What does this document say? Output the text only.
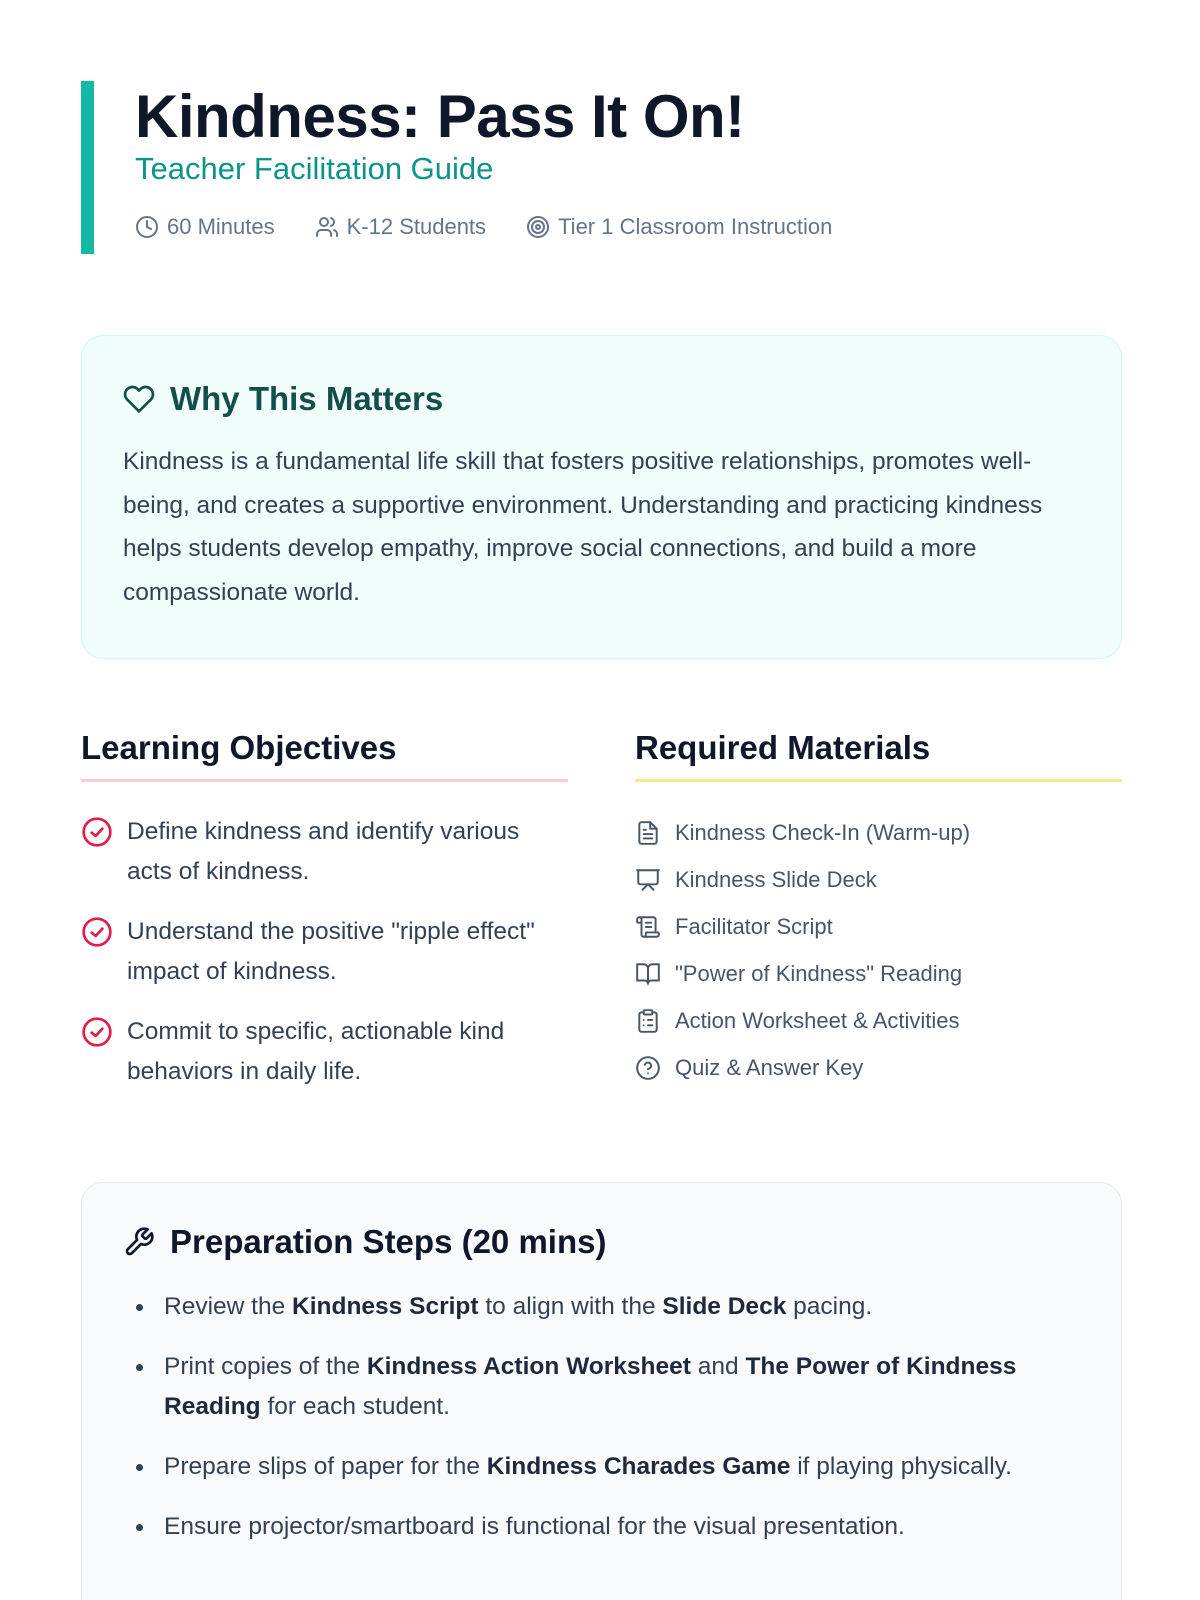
Kindness: Pass It On!
Teacher Facilitation Guide
60 Minutes	K-12 Students	Tier 1 Classroom Instruction
Why This Matters

Kindness is a fundamental life skill that fosters positive relationships, promotes well-being, and creates a supportive environment. Understanding and practicing kindness helps students develop empathy, improve social connections, and build a more compassionate world.

Learning Objectives
Define kindness and identify various acts of kindness.
Understand the positive "ripple effect" impact of kindness.
Commit to specific, actionable kind behaviors in daily life.
Required Materials
Kindness Check-In (Warm-up)
Kindness Slide Deck
Facilitator Script
"Power of Kindness" Reading
Action Worksheet & Activities
Quiz & Answer Key
Preparation Steps (20 mins)
Review the Kindness Script to align with the Slide Deck pacing.
Print copies of the Kindness Action Worksheet and The Power of Kindness Reading for each student.
Prepare slips of paper for the Kindness Charades Game if playing physically.
Ensure projector/smartboard is functional for the visual presentation.
